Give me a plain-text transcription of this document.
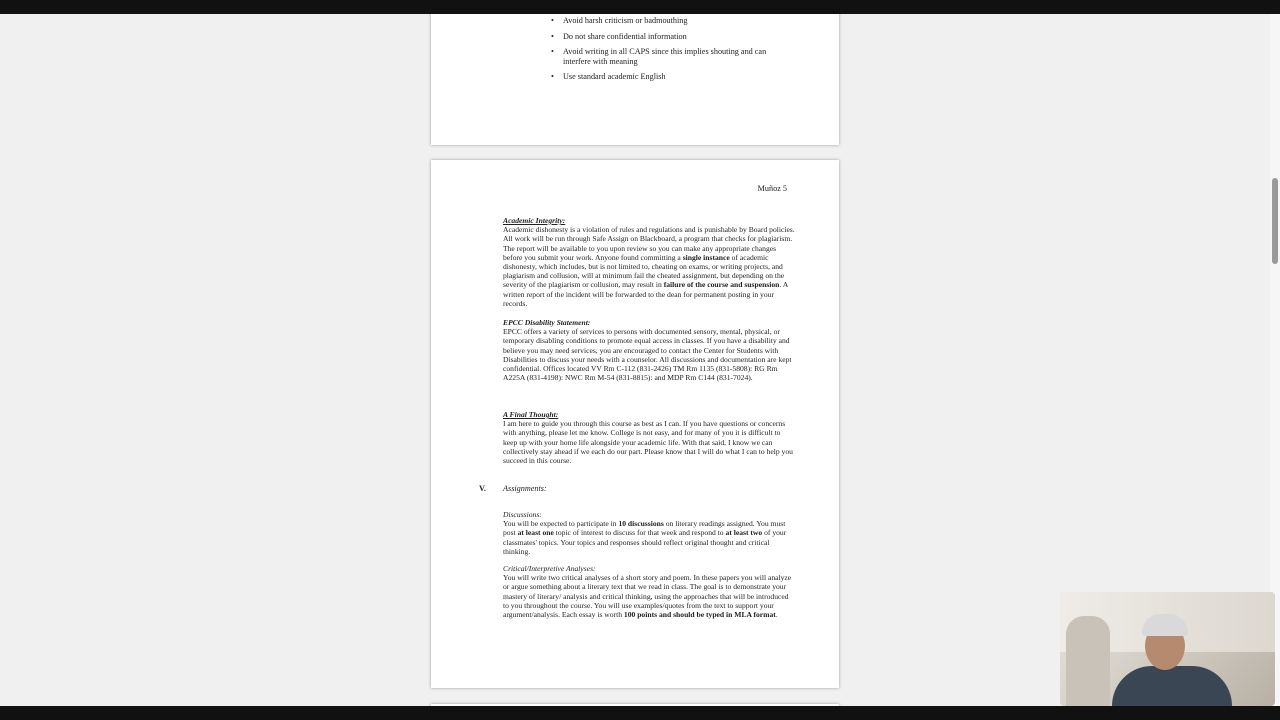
• Avoid harsh criticism or badmouthing
• Do not share confidential information
• Avoid writing in all CAPS since this implies shouting and can interfere with meaning
• Use standard academic English
Muñoz 5
Academic Integrity:

Academic dishonesty is a violation of rules and regulations and is punishable by Board policies. All work will be run through Safe Assign on Blackboard, a program that checks for plagiarism. The report will be available to you upon review so you can make any appropriate changes before you submit your work. Anyone found committing a single instance of academic dishonesty, which includes, but is not limited to, cheating on exams, or writing projects, and plagiarism and collusion, will at minimum fail the cheated assignment, but depending on the severity of the plagiarism or collusion, may result in failure of the course and suspension. A written report of the incident will be forwarded to the dean for permanent posting in your records.

EPCC Disability Statement:

EPCC offers a variety of services to persons with documented sensory, mental, physical, or temporary disabling conditions to promote equal access in classes. If you have a disability and believe you may need services, you are encouraged to contact the Center for Students with Disabilities to discuss your needs with a counselor. All discussions and documentation are kept confidential. Offices located VV Rm C-112 (831-2426) TM Rm 1135 (831-5808): RG Rm A225A (831-4198): NWC Rm M-54 (831-8815): and MDP Rm C144 (831-7024).

A Final Thought:

I am here to guide you through this course as best as I can. If you have questions or concerns with anything, please let me know. College is not easy, and for many of you it is difficult to keep up with your home life alongside your academic life. With that said, I know we can collectively stay ahead if we each do our part. Please know that I will do what I can to help you succeed in this course.

V. Assignments:
Discussions:

You will be expected to participate in 10 discussions on literary readings assigned. You must post at least one topic of interest to discuss for that week and respond to at least two of your classmates' topics. Your topics and responses should reflect original thought and critical thinking.

Critical/Interpretive Analyses:

You will write two critical analyses of a short story and poem. In these papers you will analyze or argue something about a literary text that we read in class. The goal is to demonstrate your mastery of literary/ analysis and critical thinking, using the approaches that will be introduced to you throughout the course. You will use examples/quotes from the text to support your argument/analysis. Each essay is worth 100 points and should be typed in MLA format.
